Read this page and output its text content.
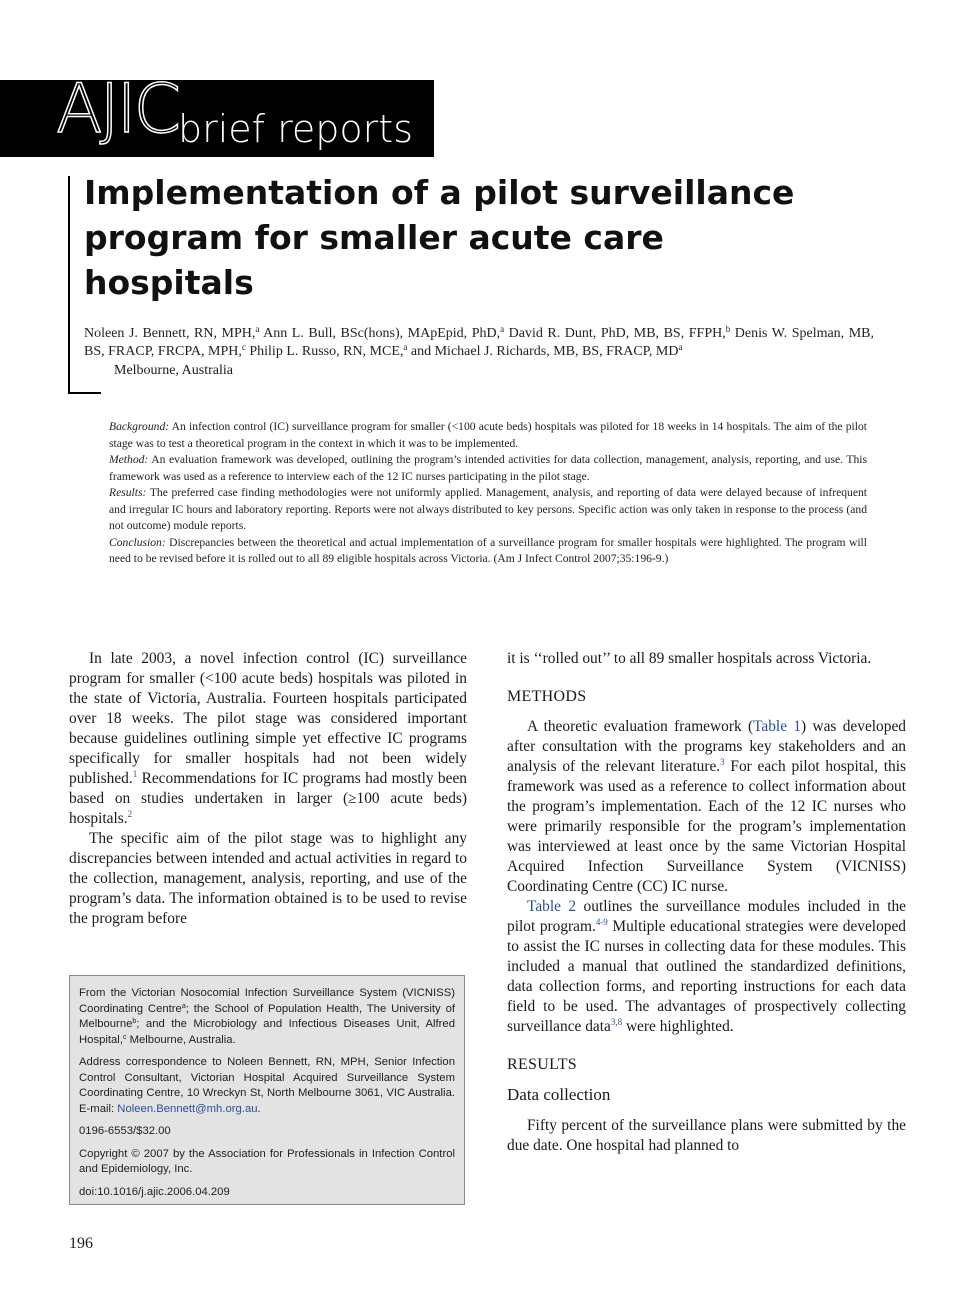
AJIC brief reports
Implementation of a pilot surveillance program for smaller acute care hospitals
Noleen J. Bennett, RN, MPH,$^a$ Ann L. Bull, BSc(hons), MApEpid, PhD,$^a$ David R. Dunt, PhD, MB, BS, FFPH,$^b$ Denis W. Spelman, MB, BS, FRACP, FRCPA, MPH,$^c$ Philip L. Russo, RN, MCE,$^a$ and Michael J. Richards, MB, BS, FRACP, $MD^a$
Melbourne, Australia

Background: An infection control (IC) surveillance program for smaller (<100 acute beds) hospitals was piloted for 18 weeks in 14 hospitals. The aim of the pilot stage was to test a theoretical program in the context in which it was to be implemented.

Method: An evaluation framework was developed, outlining the program’s intended activities for data collection, management, analysis, reporting, and use. This framework was used as a reference to interview each of the 12 IC nurses participating in the pilot stage.

Results: The preferred case finding methodologies were not uniformly applied. Management, analysis, and reporting of data were delayed because of infrequent and irregular IC hours and laboratory reporting. Reports were not always distributed to key persons. Specific action was only taken in response to the process (and not outcome) module reports.

Conclusion: Discrepancies between the theoretical and actual implementation of a surveillance program for smaller hospitals were highlighted. The program will need to be revised before it is rolled out to all 89 eligible hospitals across Victoria. (Am J Infect Control 2007;35:196-9.)

In late 2003, a novel infection control (IC) surveillance program for smaller (<100 acute beds) hospitals was piloted in the state of Victoria, Australia. Fourteen hospitals participated over 18 weeks. The pilot stage was considered important because guidelines outlining simple yet effective IC programs specifically for smaller hospitals had not been widely published.$^1$ Recommendations for IC programs had mostly been based on studies undertaken in larger (≥100 acute beds) hospitals.$^2$

The specific aim of the pilot stage was to highlight any discrepancies between intended and actual activities in regard to the collection, management, analysis, reporting, and use of the program’s data. The information obtained is to be used to revise the program before

it is ‘‘rolled out’’ to all 89 smaller hospitals across Victoria.

METHODS

A theoretic evaluation framework (Table 1) was developed after consultation with the programs key stakeholders and an analysis of the relevant literature.$^3$ For each pilot hospital, this framework was used as a reference to collect information about the program’s implementation. Each of the 12 IC nurses who were primarily responsible for the program’s implementation was interviewed at least once by the same Victorian Hospital Acquired Infection Surveillance System (VICNISS) Coordinating Centre (CC) IC nurse.

Table 2 outlines the surveillance modules included in the pilot program.$^{4-9}$ Multiple educational strategies were developed to assist the IC nurses in collecting data for these modules. This included a manual that outlined the standardized definitions, data collection forms, and reporting instructions for each data field to be used. The advantages of prospectively collecting surveillance data$^{3,8}$ were highlighted.

RESULTS
Data collection

Fifty percent of the surveillance plans were submitted by the due date. One hospital had planned to

From the Victorian Nosocomial Infection Surveillance System (VICNISS) Coordinating Centre$^a$; the School of Population Health, The University of Melbourne$^b$; and the Microbiology and Infectious Diseases Unit, Alfred Hospital,$^c$ Melbourne, Australia.

Address correspondence to Noleen Bennett, RN, MPH, Senior Infection Control Consultant, Victorian Hospital Acquired Surveillance System Coordinating Centre, 10 Wreckyn St, North Melbourne 3061, VIC Australia. E-mail: Noleen.Bennett@mh.org.au.

0196-6553/$32.00

Copyright © 2007 by the Association for Professionals in Infection Control and Epidemiology, Inc.

doi:10.1016/j.ajic.2006.04.209

196
